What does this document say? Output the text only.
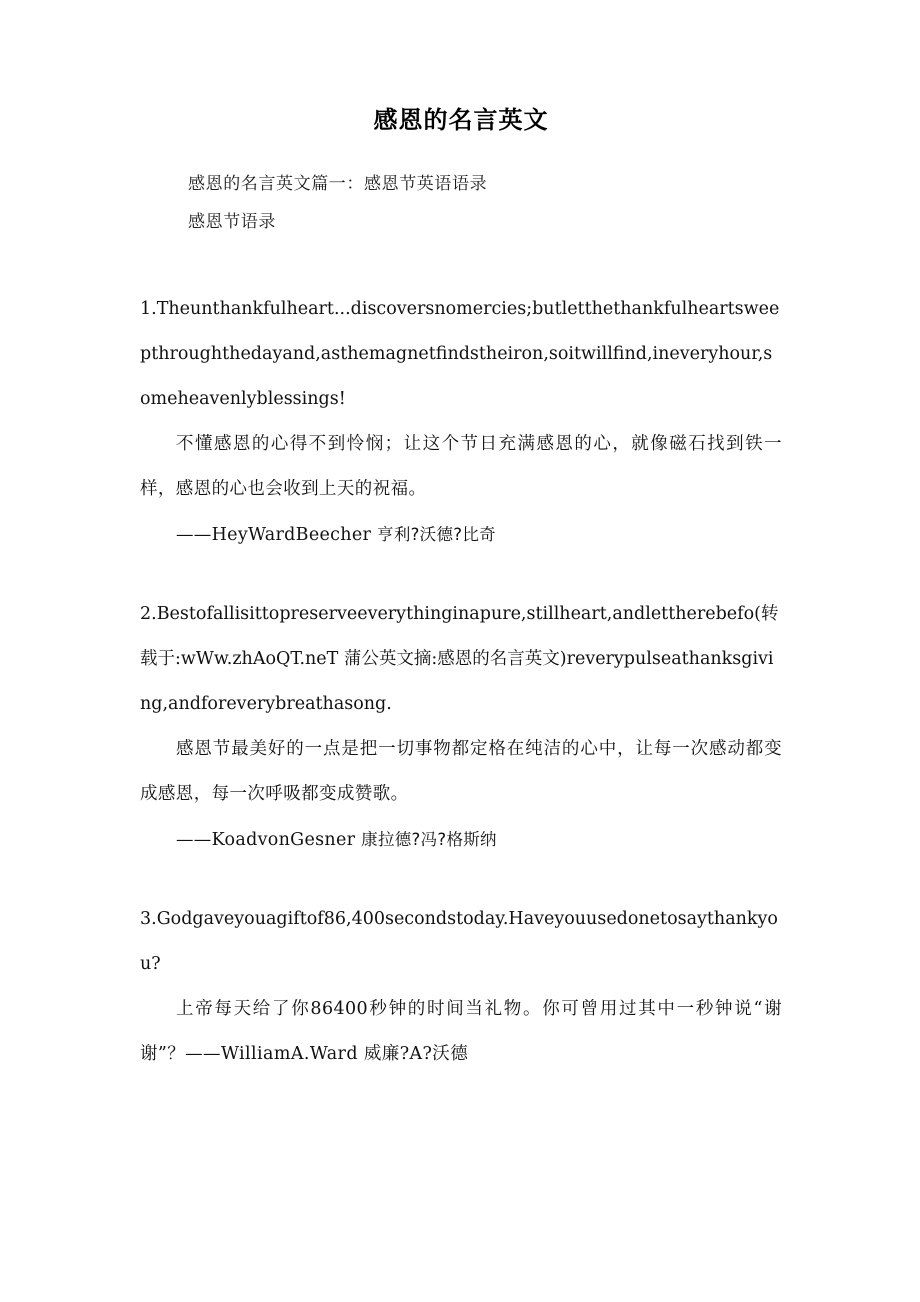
感恩的名言英文

感恩的名言英文篇一：感恩节英语语录

感恩节语录

1.Theunthankfulheart...discoversnomercies;butletthethankfulheartsweepthroughthedayand,asthemagnetfindstheiron,soitwillfind,ineveryhour,someheavenlyblessings!

不懂感恩的心得不到怜悯；让这个节日充满感恩的心，就像磁石找到铁一样，感恩的心也会收到上天的祝福。

——HeyWardBeecher 亨利?沃德?比奇

2.Bestofallisittopreserveeverythinginapure,stillheart,andlettherebefo(转载于:wWw.zhAoQT.neT 蒲公英文摘:感恩的名言英文)reverypulseathanksgiving,andforeverybreathasong.

感恩节最美好的一点是把一切事物都定格在纯洁的心中，让每一次感动都变成感恩，每一次呼吸都变成赞歌。

——KoadvonGesner 康拉德?冯?格斯纳

3.Godgaveyouagiftof86,400secondstoday.Haveyouusedonetosaythankyou?

上帝每天给了你86400秒钟的时间当礼物。你可曾用过其中一秒钟说“谢谢”？——WilliamA.Ward 威廉?A?沃德
